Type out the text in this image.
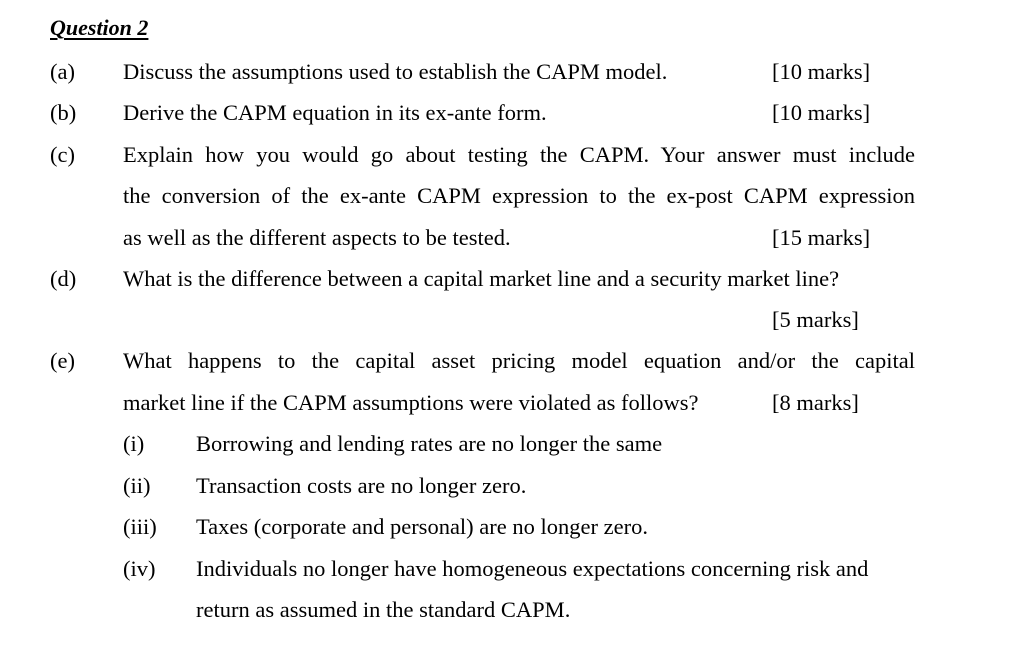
Question 2
(a) Discuss the assumptions used to establish the CAPM model.	[10 marks]
(b) Derive the CAPM equation in its ex-ante form.	[10 marks]
(c) Explain how you would go about testing the CAPM. Your answer must include
the conversion of the ex-ante CAPM expression to the ex-post CAPM expression
as well as the different aspects to be tested.	[15 marks]
(d) What is the difference between a capital market line and a security market line?
[5 marks]
(e) What happens to the capital asset pricing model equation and/or the capital
market line if the CAPM assumptions were violated as follows?	[8 marks]
(i) Borrowing and lending rates are no longer the same
(ii) Transaction costs are no longer zero.
(iii) Taxes (corporate and personal) are no longer zero.
(iv) Individuals no longer have homogeneous expectations concerning risk and
return as assumed in the standard CAPM.
